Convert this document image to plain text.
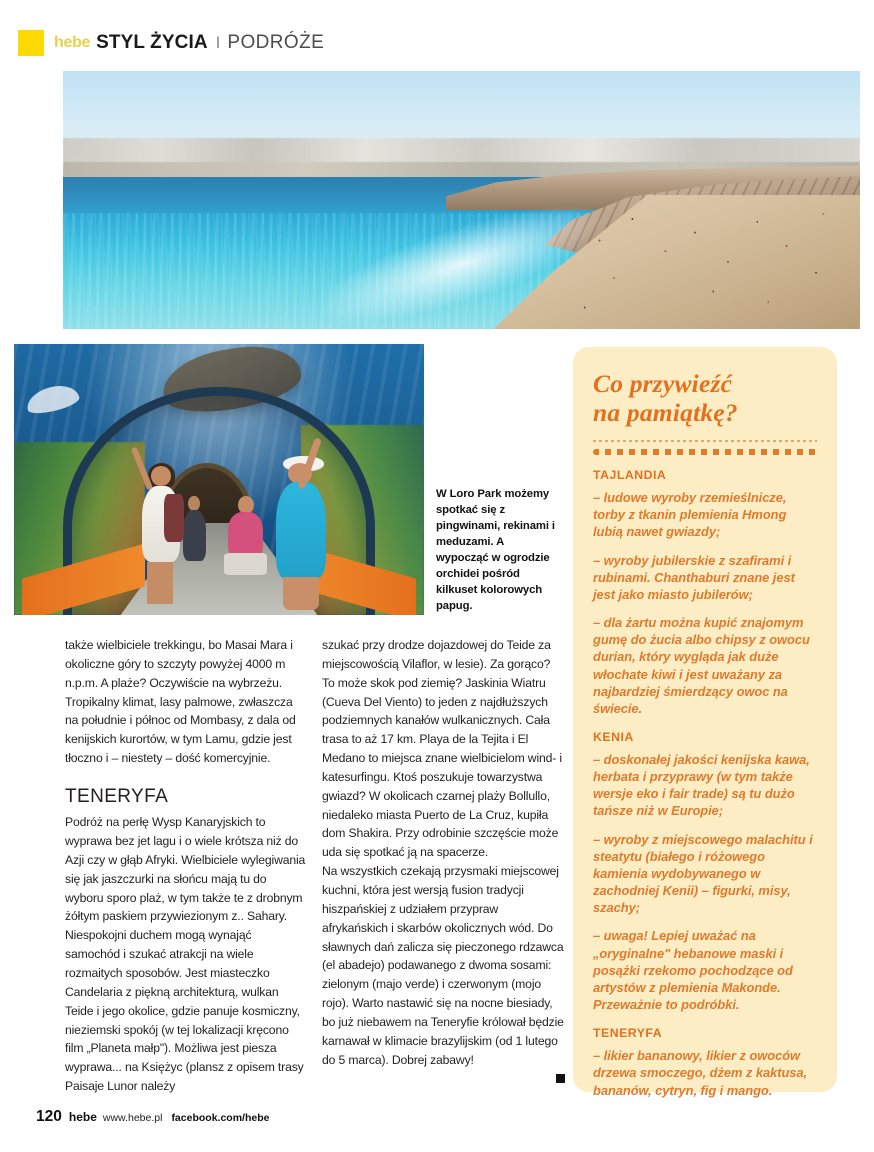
hebe STYL ŻYCIA I PODRÓŻE
W Loro Park możemy spotkać się z pingwinami, rekinami i meduzami. A wypocząć w ogrodzie orchidei pośród kilkuset kolorowych papug.
Co przywieźć
na pamiątkę?
TAJLANDIA
– ludowe wyroby rzemieślnicze, torby z tkanin plemienia Hmong lubią nawet gwiazdy;
– wyroby jubilerskie z szafirami i rubinami. Chanthaburi znane jest jest jako miasto jubilerów;
– dla żartu można kupić znajomym gumę do żucia albo chipsy z owocu durian, który wygląda jak duże włochate kiwi i jest uważany za najbardziej śmierdzący owoc na świecie.
KENIA
– doskonałej jakości kenijska kawa, herbata i przyprawy (w tym także wersje eko i fair trade) są tu dużo tańsze niż w Europie;
– wyroby z miejscowego malachitu i steatytu (białego i różowego kamienia wydobywanego w zachodniej Kenii) – figurki, misy, szachy;
– uwaga! Lepiej uważać na „oryginalne" hebanowe maski i posążki rzekomo pochodzące od artystów z plemienia Makonde. Przeważnie to podróbki.
TENERYFA
– likier bananowy, likier z owoców drzewa smoczego, dżem z kaktusa, bananów, cytryn, fig i mango.

także wielbiciele trekkingu, bo Masai Mara i okoliczne góry to szczyty powyżej 4000 m n.p.m. A plaże? Oczywiście na wybrzeżu. Tropikalny klimat, lasy palmowe, zwłaszcza na południe i północ od Mombasy, z dala od kenijskich kurortów, w tym Lamu, gdzie jest tłoczno i – niestety – dość komercyjnie.

TENERYFA

Podróż na perłę Wysp Kanaryjskich to wyprawa bez jet lagu i o wiele krótsza niż do Azji czy w głąb Afryki. Wielbiciele wylegiwania się jak jaszczurki na słońcu mają tu do wyboru sporo plaż, w tym także te z drobnym żółtym paskiem przywiezionym z.. Sahary. Niespokojni duchem mogą wynająć samochód i szukać atrakcji na wiele rozmaitych sposobów. Jest miasteczko Candelaria z piękną architekturą, wulkan Teide i jego okolice, gdzie panuje kosmiczny, nieziemski spokój (w tej lokalizacji kręcono film „Planeta małp"). Możliwa jest piesza wyprawa... na Księżyc (plansz z opisem trasy Paisaje Lunor należy

szukać przy drodze dojazdowej do Teide za miejscowością Vilaflor, w lesie). Za gorąco? To może skok pod ziemię? Jaskinia Wiatru (Cueva Del Viento) to jeden z najdłuższych podziemnych kanałów wulkanicznych. Cała trasa to aż 17 km. Playa de la Tejita i El Medano to miejsca znane wielbicielom wind- i katesurfingu. Ktoś poszukuje towarzystwa gwiazd? W okolicach czarnej plaży Bollullo, niedaleko miasta Puerto de La Cruz, kupiła dom Shakira. Przy odrobinie szczęście może uda się spotkać ją na spacerze.

Na wszystkich czekają przysmaki miejscowej kuchni, która jest wersją fusion tradycji hiszpańskiej z udziałem przypraw afrykańskich i skarbów okolicznych wód. Do sławnych dań zalicza się pieczonego rdzawca (el abadejo) podawanego z dwoma sosami: zielonym (majo verde) i czerwonym (mojo rojo). Warto nastawić się na nocne biesiady, bo już niebawem na Teneryfie królował będzie karnawał w klimacie brazylijskim (od 1 lutego do 5 marca). Dobrej zabawy!

120 hebe www.hebe.pl facebook.com/hebe
